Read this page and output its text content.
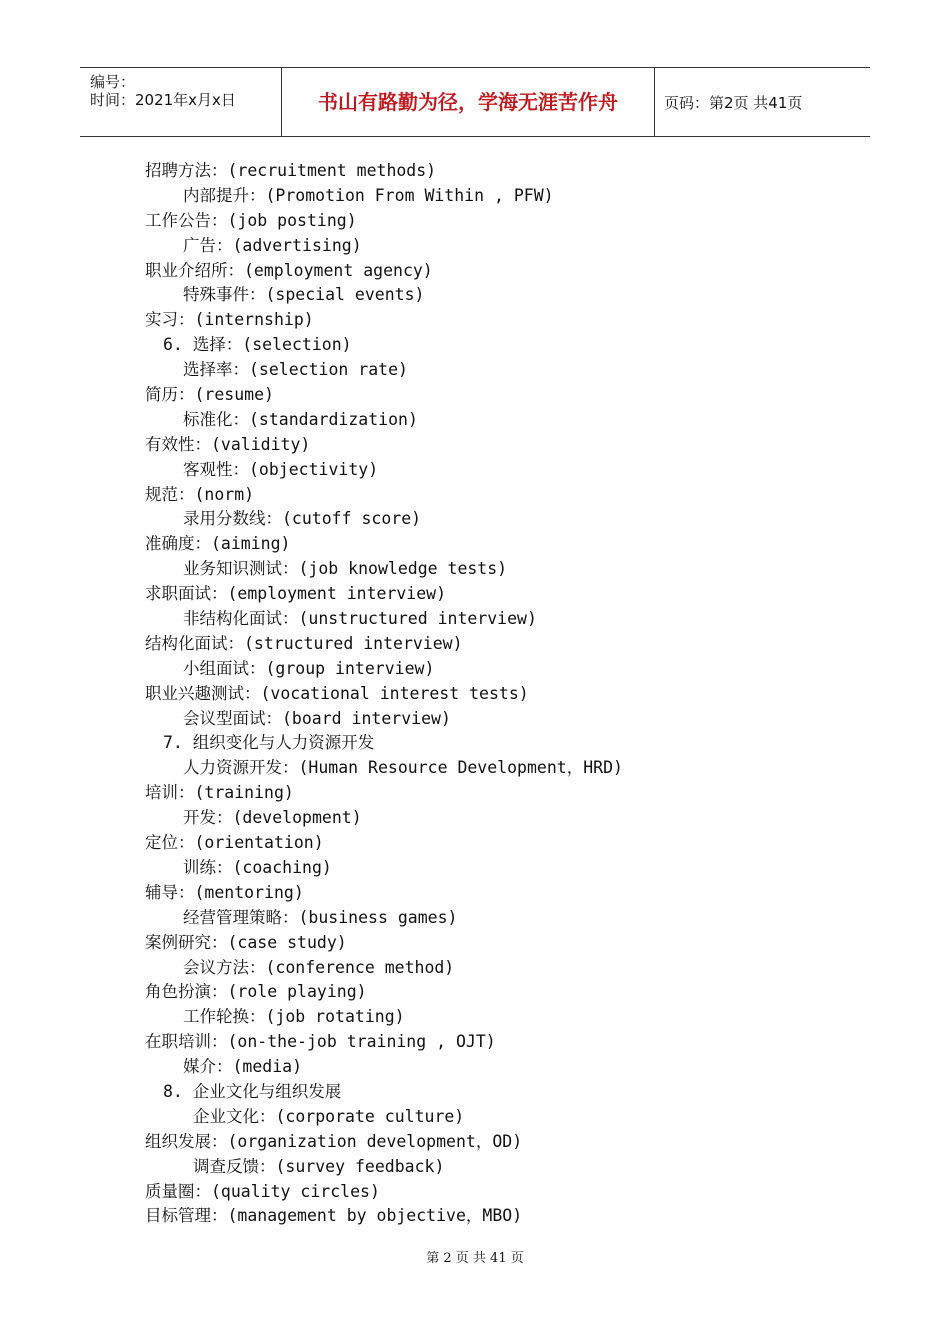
编号：
时间：2021年x月x日	书山有路勤为径，学海无涯苦作舟	页码：第2页 共41页
招聘方法：(recruitment methods)
内部提升：(Promotion From Within , PFW)
工作公告：(job posting)
广告：(advertising)
职业介绍所：(employment agency)
特殊事件：(special events)
实习：(internship)
6. 选择：(selection)
选择率：(selection rate)
简历：(resume)
标准化：(standardization)
有效性：(validity)
客观性：(objectivity)
规范：(norm)
录用分数线：(cutoff score)
准确度：(aiming)
业务知识测试：(job knowledge tests)
求职面试：(employment interview)
非结构化面试：(unstructured interview)
结构化面试：(structured interview)
小组面试：(group interview)
职业兴趣测试：(vocational interest tests)
会议型面试：(board interview)
7. 组织变化与人力资源开发
人力资源开发：(Human Resource Development，HRD)
培训：(training)
开发：(development)
定位：(orientation)
训练：(coaching)
辅导：(mentoring)
经营管理策略：(business games)
案例研究：(case study)
会议方法：(conference method)
角色扮演：(role playing)
工作轮换：(job rotating)
在职培训：(on-the-job training , OJT)
媒介：(media)
8. 企业文化与组织发展
企业文化：(corporate culture)
组织发展：(organization development，OD)
调查反馈：(survey feedback)
质量圈：(quality circles)
目标管理：(management by objective，MBO)
第 2 页 共 41 页
